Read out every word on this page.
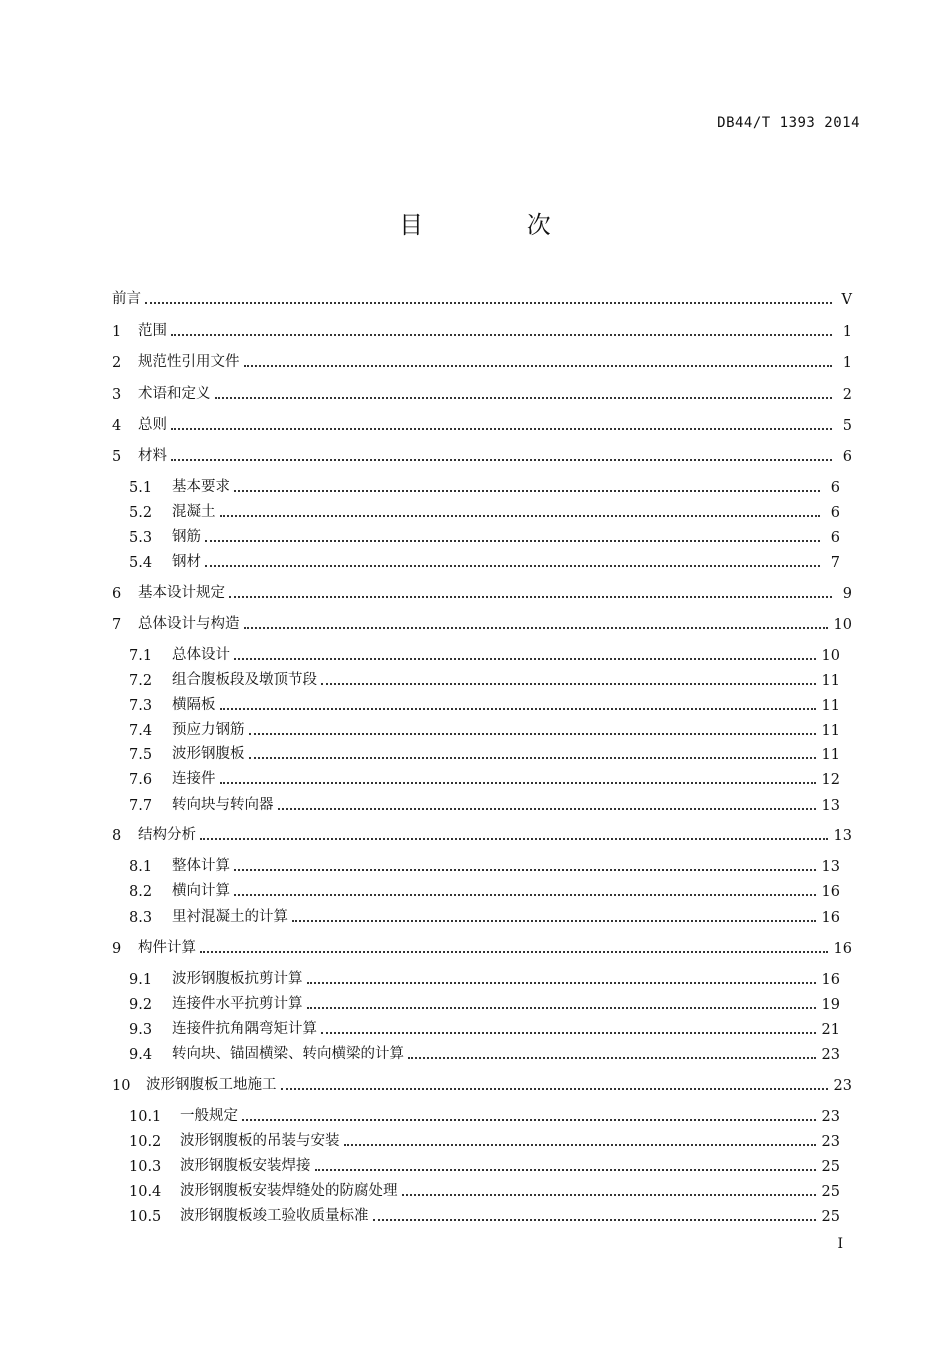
DB44/T 1393 2014
目 次
前言	V
1	范围	1
2	规范性引用文件	1
3	术语和定义	2
4	总则	5
5	材料	6
5.1	基本要求	6
5.2	混凝土	6
5.3	钢筋	6
5.4	钢材	7
6	基本设计规定	9
7	总体设计与构造	10
7.1	总体设计	10
7.2	组合腹板段及墩顶节段	11
7.3	横隔板	11
7.4	预应力钢筋	11
7.5	波形钢腹板	11
7.6	连接件	12
7.7	转向块与转向器	13
8	结构分析	13
8.1	整体计算	13
8.2	横向计算	16
8.3	里衬混凝土的计算	16
9	构件计算	16
9.1	波形钢腹板抗剪计算	16
9.2	连接件水平抗剪计算	19
9.3	连接件抗角隅弯矩计算	21
9.4	转向块、锚固横梁、转向横梁的计算	23
10	波形钢腹板工地施工	23
10.1	一般规定	23
10.2	波形钢腹板的吊装与安装	23
10.3	波形钢腹板安装焊接	25
10.4	波形钢腹板安装焊缝处的防腐处理	25
10.5	波形钢腹板竣工验收质量标准	25
I
